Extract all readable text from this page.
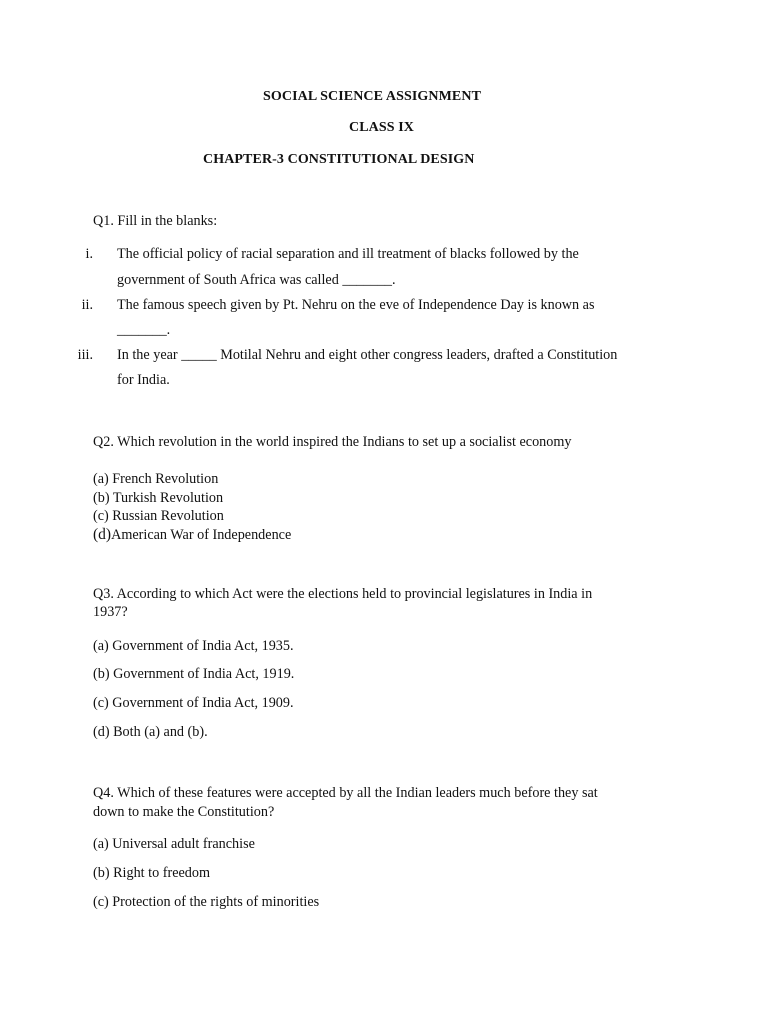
SOCIAL SCIENCE ASSIGNMENT
CLASS IX
CHAPTER-3 CONSTITUTIONAL DESIGN
Q1. Fill in the blanks:
i. The official policy of racial separation and ill treatment of blacks followed by the
government of South Africa was called _______.
ii. The famous speech given by Pt. Nehru on the eve of Independence Day is known as
_______.
iii. In the year _____ Motilal Nehru and eight other congress leaders, drafted a Constitution
for India.
Q2. Which revolution in the world inspired the Indians to set up a socialist economy
(a) French Revolution
(b) Turkish Revolution
(c) Russian Revolution
(d)American War of Independence
Q3. According to which Act were the elections held to provincial legislatures in India in
1937?
(a) Government of India Act, 1935.
(b) Government of India Act, 1919.
(c) Government of India Act, 1909.
(d) Both (a) and (b).
Q4. Which of these features were accepted by all the Indian leaders much before they sat
down to make the Constitution?
(a) Universal adult franchise
(b) Right to freedom
(c) Protection of the rights of minorities
